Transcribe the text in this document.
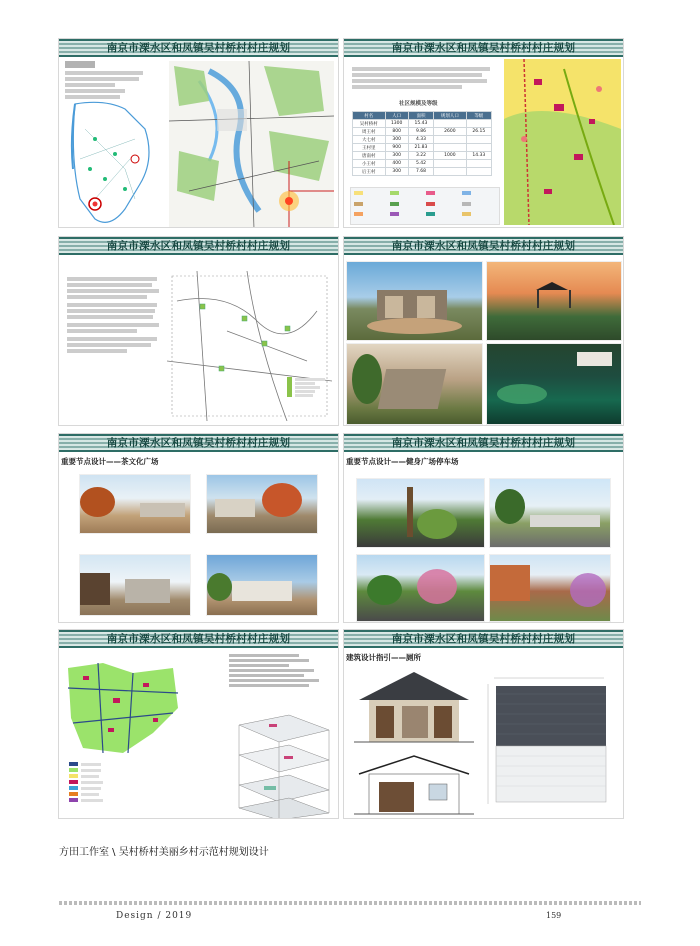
南京市溧水区和凤镇吴村桥村村庄规划	南京市溧水区和凤镇吴村桥村村庄规划
社区规模及等级
村名	人口	面积	规划人口	等级
吴村桥村	1300	15.43		
周王村	800	9.86	2600	26.15
大七村	300	4.33		
王村里	900	21.83		
唐南村	300	3.22	1000	14.33
小王村	400	5.42		
后王村	300	7.68		
南京市溧水区和凤镇吴村桥村村庄规划	南京市溧水区和凤镇吴村桥村村庄规划
南京市溧水区和凤镇吴村桥村村庄规划
重要节点设计——茶文化广场
南京市溧水区和凤镇吴村桥村村庄规划
重要节点设计——健身广场停车场
南京市溧水区和凤镇吴村桥村村庄规划	南京市溧水区和凤镇吴村桥村村庄规划
建筑设计指引——厕所
方田工作室 \ 吴村桥村美丽乡村示范村规划设计
Design / 2019	159
